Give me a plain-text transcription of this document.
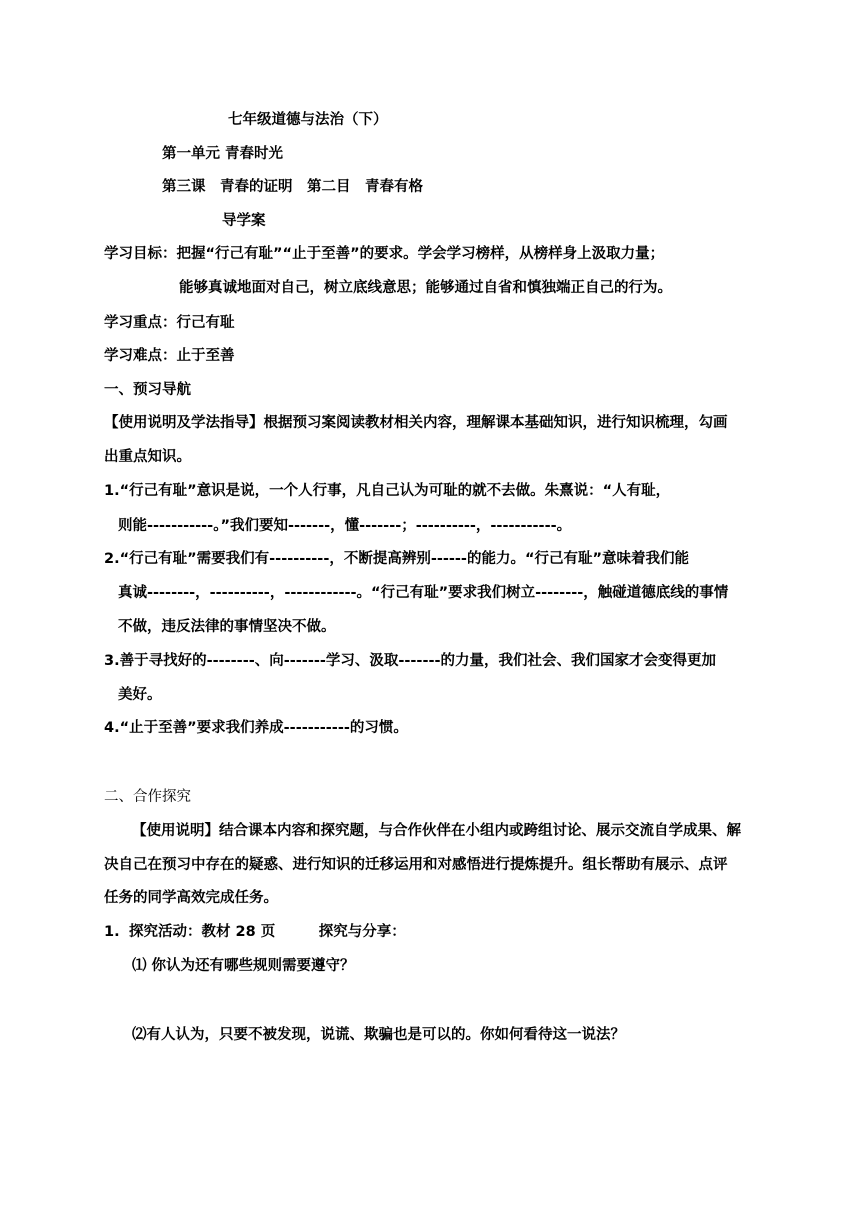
七年级道德与法治（下）
第一单元 青春时光
第三课　青春的证明　第二目　青春有格
导学案
学习目标：把握“行己有耻”“止于至善”的要求。学会学习榜样，从榜样身上汲取力量；
能够真诚地面对自己，树立底线意思；能够通过自省和慎独端正自己的行为。
学习重点：行己有耻
学习难点：止于至善
一、预习导航
【使用说明及学法指导】根据预习案阅读教材相关内容，理解课本基础知识，进行知识梳理，勾画
出重点知识。
1.“行己有耻”意识是说，一个人行事，凡自己认为可耻的就不去做。朱熹说：“人有耻，
则能-----------。”我们要知-------，懂-------；----------，-----------。
2.“行己有耻”需要我们有----------，不断提高辨别------的能力。“行己有耻”意味着我们能
真诚--------，----------，------------。“行己有耻”要求我们树立--------，触碰道德底线的事情
不做，违反法律的事情坚决不做。
3.善于寻找好的--------、向-------学习、汲取-------的力量，我们社会、我们国家才会变得更加
美好。
4.“止于至善”要求我们养成-----------的习惯。
二、合作探究
【使用说明】结合课本内容和探究题，与合作伙伴在小组内或跨组讨论、展示交流自学成果、解
决自己在预习中存在的疑惑、进行知识的迁移运用和对感悟进行提炼提升。组长帮助有展示、点评
任务的同学高效完成任务。
1. 探究活动：教材 28 页　　　探究与分享：
⑴ 你认为还有哪些规则需要遵守？
⑵有人认为，只要不被发现，说谎、欺骗也是可以的。你如何看待这一说法？
